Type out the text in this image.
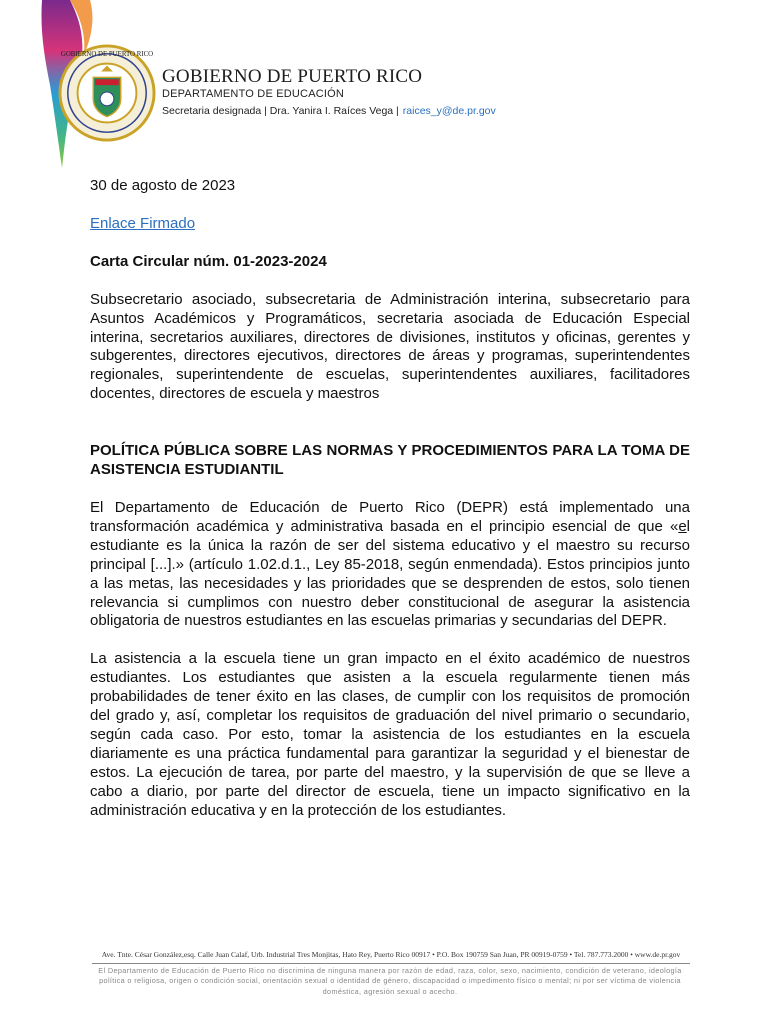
GOBIERNO DE PUERTO RICO
GOBIERNO DE PUERTO RICO
DEPARTAMENTO DE EDUCACIÓN
Secretaria designada | Dra. Yanira I. Raíces Vega | raices_y@de.pr.gov

30 de agosto de 2023

Enlace Firmado

Carta Circular núm. 01-2023-2024

Subsecretario asociado, subsecretaria de Administración interina, subsecretario para Asuntos Académicos y Programáticos, secretaria asociada de Educación Especial interina, secretarios auxiliares, directores de divisiones, institutos y oficinas, gerentes y subgerentes, directores ejecutivos, directores de áreas y programas, superintendentes regionales, superintendente de escuelas, superintendentes auxiliares, facilitadores docentes, directores de escuela y maestros

POLÍTICA PÚBLICA SOBRE LAS NORMAS Y PROCEDIMIENTOS PARA LA TOMA DE ASISTENCIA ESTUDIANTIL

El Departamento de Educación de Puerto Rico (DEPR) está implementado una transformación académica y administrativa basada en el principio esencial de que «el estudiante es la única la razón de ser del sistema educativo y el maestro su recurso principal [...].» (artículo 1.02.d.1., Ley 85-2018, según enmendada). Estos principios junto a las metas, las necesidades y las prioridades que se desprenden de estos, solo tienen relevancia si cumplimos con nuestro deber constitucional de asegurar la asistencia obligatoria de nuestros estudiantes en las escuelas primarias y secundarias del DEPR.

La asistencia a la escuela tiene un gran impacto en el éxito académico de nuestros estudiantes. Los estudiantes que asisten a la escuela regularmente tienen más probabilidades de tener éxito en las clases, de cumplir con los requisitos de promoción del grado y, así, completar los requisitos de graduación del nivel primario o secundario, según cada caso. Por esto, tomar la asistencia de los estudiantes en la escuela diariamente es una práctica fundamental para garantizar la seguridad y el bienestar de estos. La ejecución de tarea, por parte del maestro, y la supervisión de que se lleve a cabo a diario, por parte del director de escuela, tiene un impacto significativo en la administración educativa y en la protección de los estudiantes.

Ave. Tnte. César González,esq. Calle Juan Calaf, Urb. Industrial Tres Monjitas, Hato Rey, Puerto Rico 00917 • P.O. Box 190759 San Juan, PR 00919-0759 • Tel. 787.773.2000 • www.de.pr.gov
El Departamento de Educación de Puerto Rico no discrimina de ninguna manera por razón de edad, raza, color, sexo, nacimiento, condición de veterano, ideología política o religiosa, origen o condición social, orientación sexual o identidad de género, discapacidad o impedimento físico o mental; ni por ser víctima de violencia doméstica, agresión sexual o acecho.
